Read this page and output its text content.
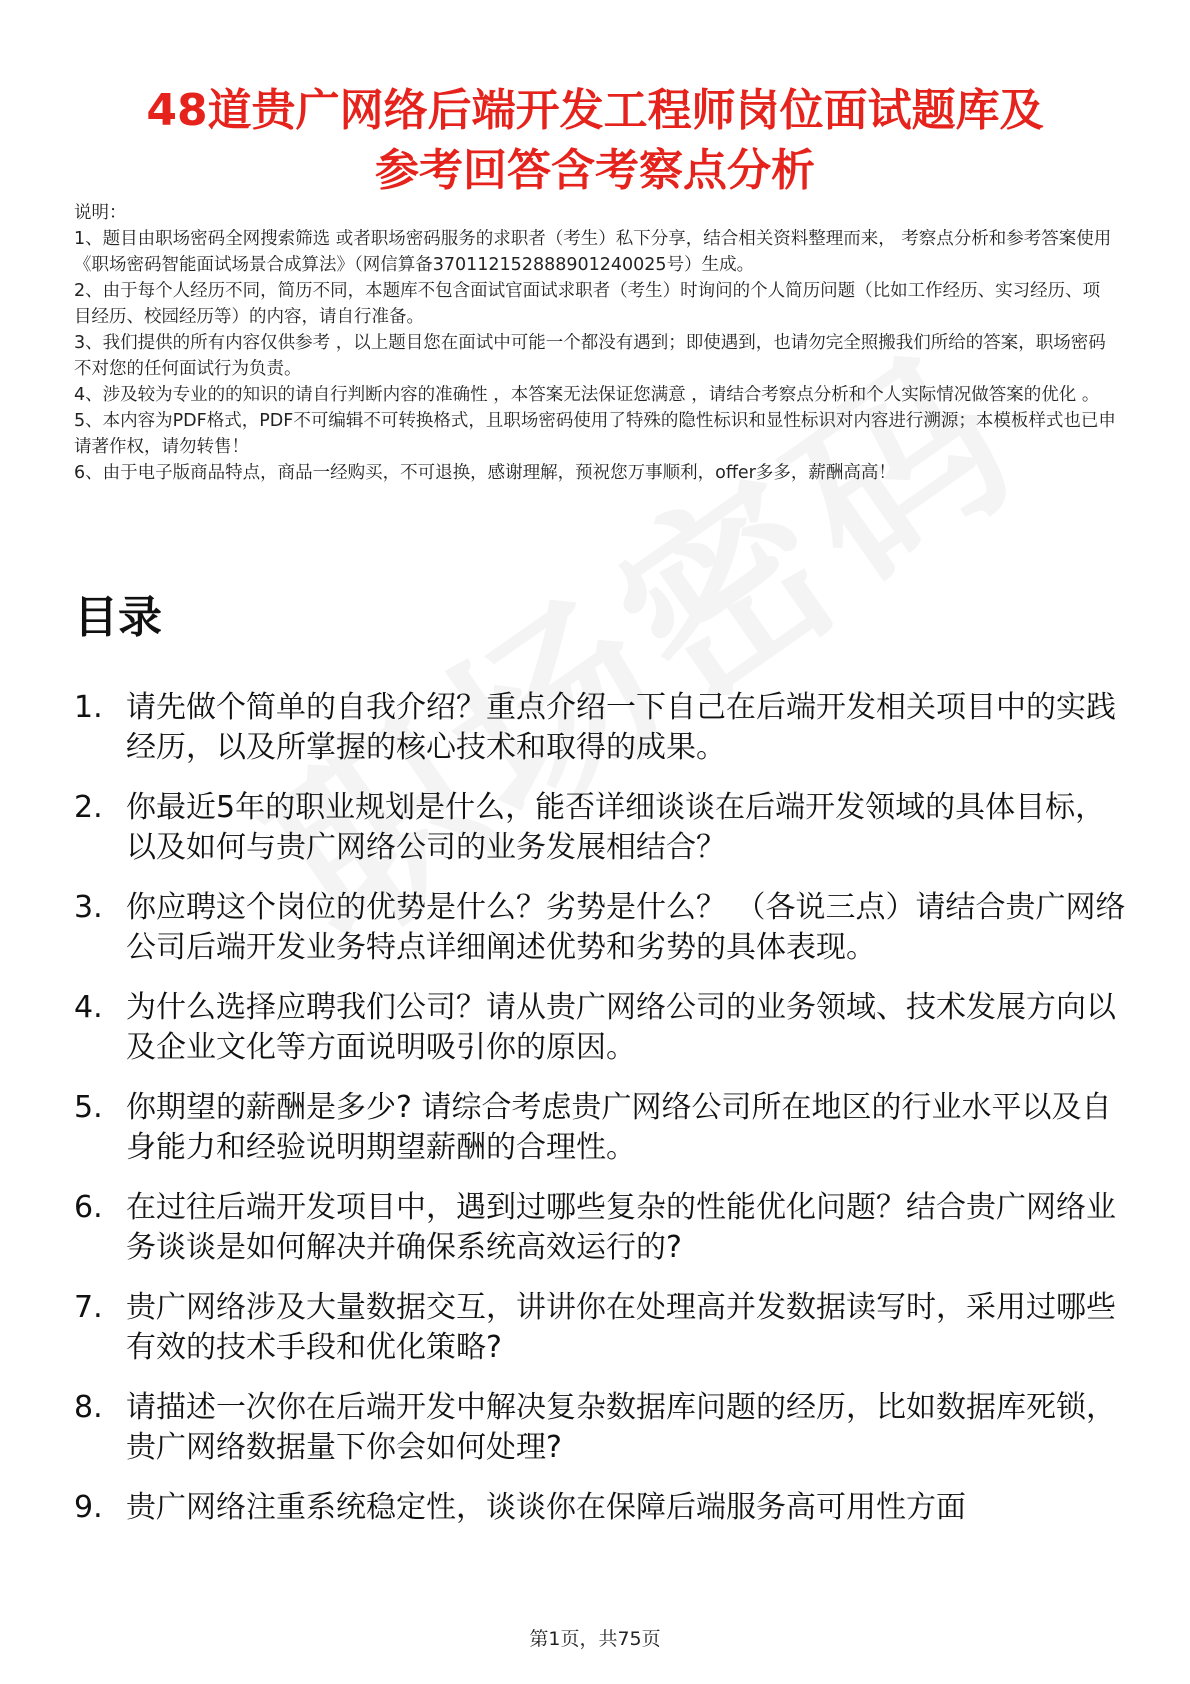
48道贵广网络后端开发工程师岗位面试题库及
参考回答含考察点分析

说明：

1、题目由职场密码全网搜索筛选 或者职场密码服务的求职者（考生）私下分享，结合相关资料整理而来， 考察点分析和参考答案使用《职场密码智能面试场景合成算法》（网信算备370112152888901240025号）生成。

2、由于每个人经历不同，简历不同，本题库不包含面试官面试求职者（考生）时询问的个人简历问题（比如工作经历、实习经历、项目经历、校园经历等）的内容，请自行准备。

3、我们提供的所有内容仅供参考 ，以上题目您在面试中可能一个都没有遇到；即使遇到，也请勿完全照搬我们所给的答案，职场密码不对您的任何面试行为负责。

4、涉及较为专业的的知识的请自行判断内容的准确性 ，本答案无法保证您满意 ，请结合考察点分析和个人实际情况做答案的优化 。

5、本内容为PDF格式，PDF不可编辑不可转换格式，且职场密码使用了特殊的隐性标识和显性标识对内容进行溯源；本模板样式也已申请著作权，请勿转售！

6、由于电子版商品特点，商品一经购买，不可退换，感谢理解，预祝您万事顺利，offer多多，薪酬高高！

目录
1. 请先做个简单的自我介绍？重点介绍一下自己在后端开发相关项目中的实践经历，以及所掌握的核心技术和取得的成果。
2. 你最近5年的职业规划是什么，能否详细谈谈在后端开发领域的具体目标，以及如何与贵广网络公司的业务发展相结合？
3. 你应聘这个岗位的优势是什么？劣势是什么？ （各说三点）请结合贵广网络公司后端开发业务特点详细阐述优势和劣势的具体表现。
4. 为什么选择应聘我们公司？请从贵广网络公司的业务领域、技术发展方向以及企业文化等方面说明吸引你的原因。
5. 你期望的薪酬是多少? 请综合考虑贵广网络公司所在地区的行业水平以及自身能力和经验说明期望薪酬的合理性。
6. 在过往后端开发项目中，遇到过哪些复杂的性能优化问题？结合贵广网络业务谈谈是如何解决并确保系统高效运行的?
7. 贵广网络涉及大量数据交互，讲讲你在处理高并发数据读写时，采用过哪些有效的技术手段和优化策略?
8. 请描述一次你在后端开发中解决复杂数据库问题的经历，比如数据库死锁，贵广网络数据量下你会如何处理?
9. 贵广网络注重系统稳定性，谈谈你在保障后端服务高可用性方面
第1页，共75页
